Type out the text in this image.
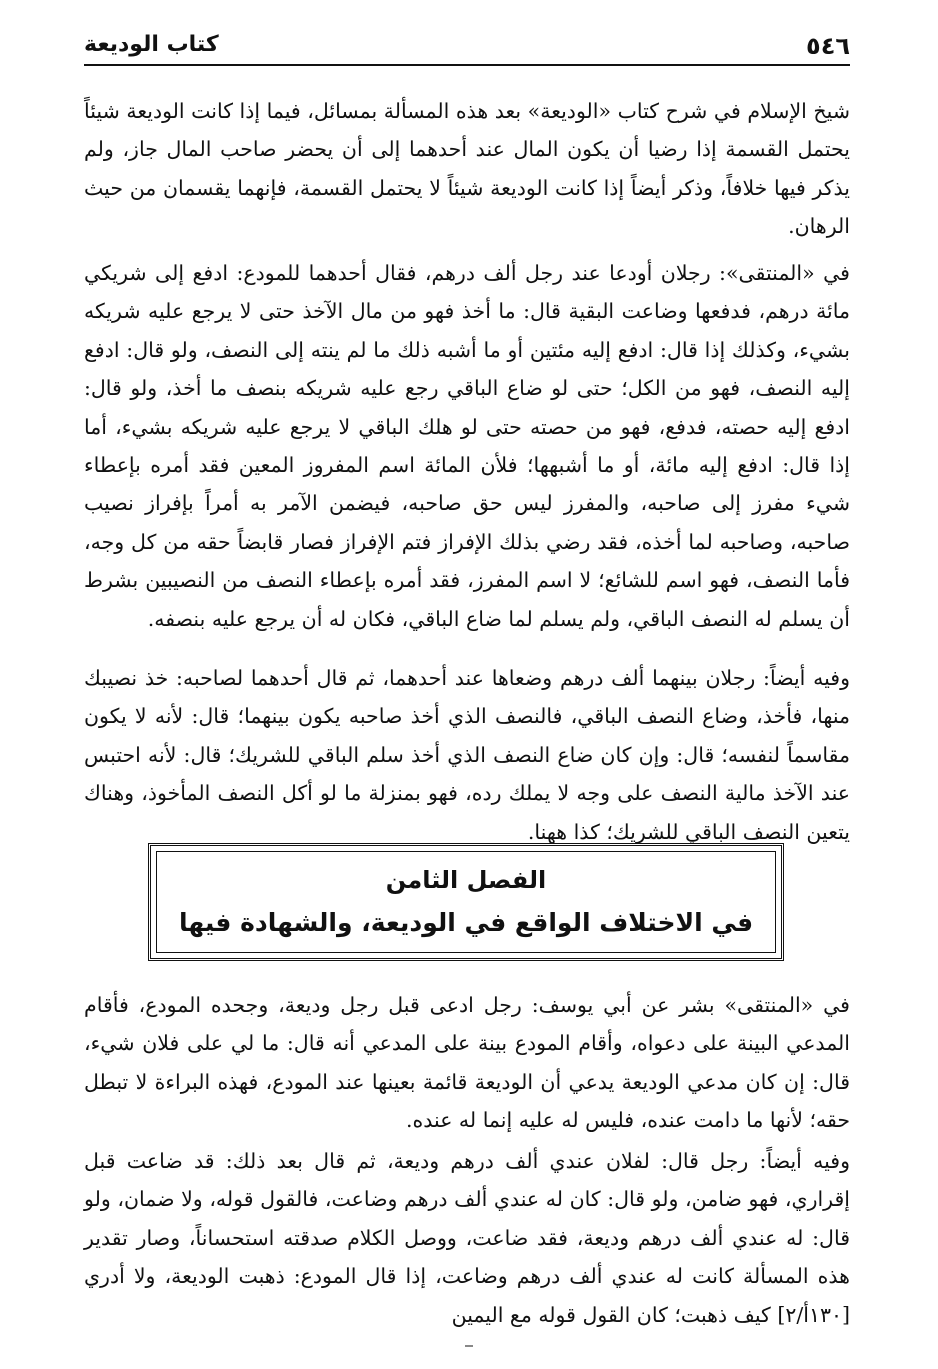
٥٤٦
كتاب الوديعة

شيخ الإسلام في شرح كتاب «الوديعة» بعد هذه المسألة بمسائل، فيما إذا كانت الوديعة شيئاً يحتمل القسمة إذا رضيا أن يكون المال عند أحدهما إلى أن يحضر صاحب المال جاز، ولم يذكر فيها خلافاً، وذكر أيضاً إذا كانت الوديعة شيئاً لا يحتمل القسمة، فإنهما يقسمان من حيث الرهان.

في «المنتقى»: رجلان أودعا عند رجل ألف درهم، فقال أحدهما للمودع: ادفع إلى شريكي مائة درهم، فدفعها وضاعت البقية قال: ما أخذ فهو من مال الآخذ حتى لا يرجع عليه شريكه بشيء، وكذلك إذا قال: ادفع إليه مئتين أو ما أشبه ذلك ما لم ينته إلى النصف، ولو قال: ادفع إليه النصف، فهو من الكل؛ حتى لو ضاع الباقي رجع عليه شريكه بنصف ما أخذ، ولو قال: ادفع إليه حصته، فدفع، فهو من حصته حتى لو هلك الباقي لا يرجع عليه شريكه بشيء، أما إذا قال: ادفع إليه مائة، أو ما أشبهها؛ فلأن المائة اسم المفروز المعين فقد أمره بإعطاء شيء مفرز إلى صاحبه، والمفرز ليس حق صاحبه، فيضمن الآمر به أمراً بإفراز نصيب صاحبه، وصاحبه لما أخذه، فقد رضي بذلك الإفراز فتم الإفراز فصار قابضاً حقه من كل وجه، فأما النصف، فهو اسم للشائع؛ لا اسم المفرز، فقد أمره بإعطاء النصف من النصيبين بشرط أن يسلم له النصف الباقي، ولم يسلم لما ضاع الباقي، فكان له أن يرجع عليه بنصفه.

وفيه أيضاً: رجلان بينهما ألف درهم وضعاها عند أحدهما، ثم قال أحدهما لصاحبه: خذ نصيبك منها، فأخذ، وضاع النصف الباقي، فالنصف الذي أخذ صاحبه يكون بينهما؛ قال: لأنه لا يكون مقاسماً لنفسه؛ قال: وإن كان ضاع النصف الذي أخذ سلم الباقي للشريك؛ قال: لأنه احتبس عند الآخذ مالية النصف على وجه لا يملك رده، فهو بمنزلة ما لو أكل النصف المأخوذ، وهناك يتعين النصف الباقي للشريك؛ كذا ههنا.

الفصل الثامن
في الاختلاف الواقع في الوديعة، والشهادة فيها

في «المنتقى» بشر عن أبي يوسف: رجل ادعى قبل رجل وديعة، وجحده المودع، فأقام المدعي البينة على دعواه، وأقام المودع بينة على المدعي أنه قال: ما لي على فلان شيء، قال: إن كان مدعي الوديعة يدعي أن الوديعة قائمة بعينها عند المودع، فهذه البراءة لا تبطل حقه؛ لأنها ما دامت عنده، فليس له عليه إنما له عنده.

وفيه أيضاً: رجل قال: لفلان عندي ألف درهم وديعة، ثم قال بعد ذلك: قد ضاعت قبل إقراري، فهو ضامن، ولو قال: كان له عندي ألف درهم وضاعت، فالقول قوله، ولا ضمان، ولو قال: له عندي ألف درهم وديعة، فقد ضاعت، ووصل الكلام صدقته استحساناً، وصار تقدير هذه المسألة كانت له عندي ألف درهم وضاعت، إذا قال المودع: ذهبت الوديعة، ولا أدري [١٣٠أ/٢] كيف ذهبت؛ كان القول قوله مع اليمين
